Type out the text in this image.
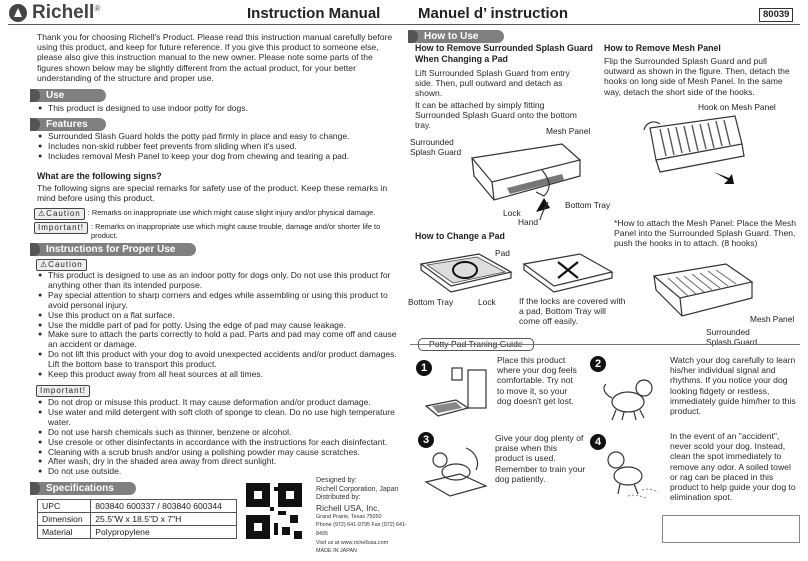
Richell ®	Instruction Manual	Manuel d’ instruction	80039
Thank you for choosing Richell's Product. Please read this instruction manual carefully before using this product, and keep for future reference. If you give this product to someone else, please also give this instruction manual to the new owner. Please note some parts of the figures shown below may be slightly different from the actual product, for your better understanding of the structure and proper use.
Use
● This product is designed to use indoor potty for dogs.
Features
● Surrounded Slash Guard holds the potty pad firmly in place and easy to change.
● Includes non-skid rubber feet prevents from sliding when it's used.
● Includes removal Mesh Panel to keep your dog from chewing and tearing a pad.
What are the following signs?
The following signs are special remarks for safety use of the product. Keep these remarks in mind before using this product.
⚠Caution : Remarks on inappropriate use which might cause slight injury and/or physical damage.
Important! : Remarks on inappropriate use which might cause trouble, damage and/or shorter life to product.
Instructions for Proper Use
⚠Caution
● This product is designed to use as an indoor potty for dogs only. Do not use this product for anything other than its intended purpose.
● Pay special attention to sharp corners and edges while assembling or using this product to avoid personal injury.
● Use this product on a flat surface.
● Use the middle part of pad for potty. Using the edge of pad may cause leakage.
● Make sure to attach the parts correctly to hold a pad. Parts and pad may come off and cause an accident or damage.
● Do not lift this product with your dog to avoid unexpected accidents and/or product damages. Lift the bottom base to transport this product.
● Keep this product away from all heat sources at all times.
Important!
● Do not drop or misuse this product. It may cause deformation and/or product damage.
● Use water and mild detergent with soft cloth of sponge to clean. Do no use high temperature water.
● Do not use harsh chemicals such as thinner, benzene or alcohol.
● Use cresole or other disinfectants in accordance with the instructions for each disinfectant.
● Cleaning with a scrub brush and/or using a polishing powder may cause scratches.
● After wash, dry in the shaded area away from direct sunlight.
● Do not use outside.
Specifications
UPC	803840 600337 / 803840 600344
Dimension	25.5"W x 18.5"D x 7"H
Material	Polypropylene
Designed by:
Richell Corporation, Japan
Distributed by:
Richell USA, Inc.
Grand Prairie, Texas 75050
Phone (972) 641-9795 Fax (972) 641-8495
Visit us at www.richellusa.com
MADE IN JAPAN
How to Use
How to Remove Surrounded Splash Guard When Changing a Pad
Lift Surrounded Splash Guard from entry side. Then, pull outward and detach as shown.
It can be attached by simply fitting Surrounded Splash Guard onto the bottom tray.
Surrounded Splash Guard
Mesh Panel
Bottom Tray
Lock
Hand
How to Change a Pad
Pad
Bottom Tray	Lock	If the locks are covered with a pad, Bottom Tray will come off easily.
How to Remove Mesh Panel
Flip the Surrounded Splash Guard and pull outward as shown in the figure. Then, detach the hooks on long side of Mesh Panel. In the same way, detach the short side of the hooks.
Hook on Mesh Panel
*How to attach the Mesh Panel: Place the Mesh Panel into the Surrounded Splash Guard. Then, push the hooks in to attach. (8 hooks)
Mesh Panel
Surrounded Splash Guard
Potty Pad Traning Guide
1
Place this product where your dog feels comfortable. Try not to move it, so your dog doesn't get lost.
2	Watch your dog carefully to learn his/her individual signal and rhythms. If you notice your dog looking fidgety or restless, immediately guide him/her to this product.
3	Give your dog plenty of praise when this product is used. Remember to train your dog patiently.
4	In the event of an "accident", never scold your dog. Instead, clean the spot immediately to remove any odor. A soiled towel or rag can be placed in this product to help guide your dog to elimination spot.
